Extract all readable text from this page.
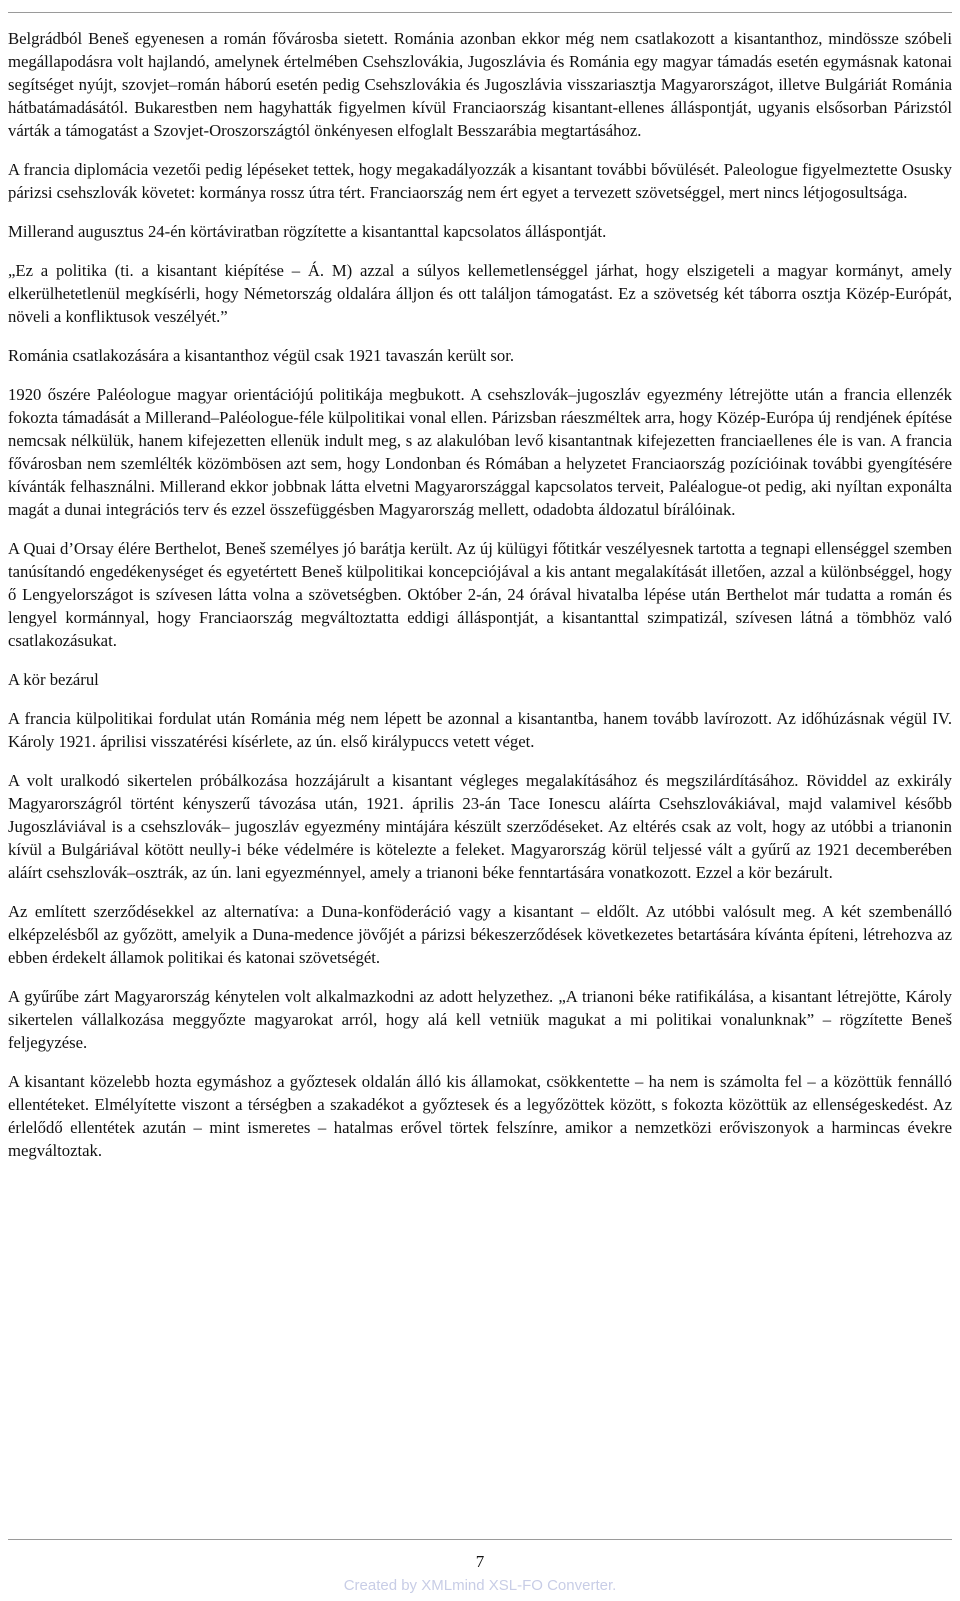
Belgrádból Beneš egyenesen a román fővárosba sietett. Románia azonban ekkor még nem csatlakozott a kisantanthoz, mindössze szóbeli megállapodásra volt hajlandó, amelynek értelmében Csehszlovákia, Jugoszlávia és Románia egy magyar támadás esetén egymásnak katonai segítséget nyújt, szovjet–román háború esetén pedig Csehszlovákia és Jugoszlávia visszariasztja Magyarországot, illetve Bulgáriát Románia hátbatámadásától. Bukarestben nem hagyhatták figyelmen kívül Franciaország kisantant-ellenes álláspontját, ugyanis elsősorban Párizstól várták a támogatást a Szovjet-Oroszországtól önkényesen elfoglalt Besszarábia megtartásához.

A francia diplomácia vezetői pedig lépéseket tettek, hogy megakadályozzák a kisantant további bővülését. Paleologue figyelmeztette Osusky párizsi csehszlovák követet: kormánya rossz útra tért. Franciaország nem ért egyet a tervezett szövetséggel, mert nincs létjogosultsága.

Millerand augusztus 24-én körtáviratban rögzítette a kisantanttal kapcsolatos álláspontját.

„Ez a politika (ti. a kisantant kiépítése – Á. M) azzal a súlyos kellemetlenséggel járhat, hogy elszigeteli a magyar kormányt, amely elkerülhetetlenül megkísérli, hogy Németország oldalára álljon és ott találjon támogatást. Ez a szövetség két táborra osztja Közép-Európát, növeli a konfliktusok veszélyét.”

Románia csatlakozására a kisantanthoz végül csak 1921 tavaszán került sor.

1920 őszére Paléologue magyar orientációjú politikája megbukott. A csehszlovák–jugoszláv egyezmény létrejötte után a francia ellenzék fokozta támadását a Millerand–Paléologue-féle külpolitikai vonal ellen. Párizsban ráeszméltek arra, hogy Közép-Európa új rendjének építése nemcsak nélkülük, hanem kifejezetten ellenük indult meg, s az alakulóban levő kisantantnak kifejezetten franciaellenes éle is van. A francia fővárosban nem szemlélték közömbösen azt sem, hogy Londonban és Rómában a helyzetet Franciaország pozícióinak további gyengítésére kívánták felhasználni. Millerand ekkor jobbnak látta elvetni Magyarországgal kapcsolatos terveit, Paléalogue-ot pedig, aki nyíltan exponálta magát a dunai integrációs terv és ezzel összefüggésben Magyarország mellett, odadobta áldozatul bírálóinak.

A Quai d’Orsay élére Berthelot, Beneš személyes jó barátja került. Az új külügyi főtitkár veszélyesnek tartotta a tegnapi ellenséggel szemben tanúsítandó engedékenységet és egyetértett Beneš külpolitikai koncepciójával a kis antant megalakítását illetően, azzal a különbséggel, hogy ő Lengyelországot is szívesen látta volna a szövetségben. Október 2-án, 24 órával hivatalba lépése után Berthelot már tudatta a román és lengyel kormánnyal, hogy Franciaország megváltoztatta eddigi álláspontját, a kisantanttal szimpatizál, szívesen látná a tömbhöz való csatlakozásukat.

A kör bezárul

A francia külpolitikai fordulat után Románia még nem lépett be azonnal a kisantantba, hanem tovább lavírozott. Az időhúzásnak végül IV. Károly 1921. áprilisi visszatérési kísérlete, az ún. első királypuccs vetett véget.

A volt uralkodó sikertelen próbálkozása hozzájárult a kisantant végleges megalakításához és megszilárdításához. Röviddel az exkirály Magyarországról történt kényszerű távozása után, 1921. április 23-án Tace Ionescu aláírta Csehszlovákiával, majd valamivel később Jugoszláviával is a csehszlovák– jugoszláv egyezmény mintájára készült szerződéseket. Az eltérés csak az volt, hogy az utóbbi a trianonin kívül a Bulgáriával kötött neully-i béke védelmére is kötelezte a feleket. Magyarország körül teljessé vált a gyűrű az 1921 decemberében aláírt csehszlovák–osztrák, az ún. lani egyezménnyel, amely a trianoni béke fenntartására vonatkozott. Ezzel a kör bezárult.

Az említett szerződésekkel az alternatíva: a Duna-konföderáció vagy a kisantant – eldőlt. Az utóbbi valósult meg. A két szembenálló elképzelésből az győzött, amelyik a Duna-medence jövőjét a párizsi békeszerződések következetes betartására kívánta építeni, létrehozva az ebben érdekelt államok politikai és katonai szövetségét.

A gyűrűbe zárt Magyarország kénytelen volt alkalmazkodni az adott helyzethez. „A trianoni béke ratifikálása, a kisantant létrejötte, Károly sikertelen vállalkozása meggyőzte magyarokat arról, hogy alá kell vetniük magukat a mi politikai vonalunknak” – rögzítette Beneš feljegyzése.

A kisantant közelebb hozta egymáshoz a győztesek oldalán álló kis államokat, csökkentette – ha nem is számolta fel – a közöttük fennálló ellentéteket. Elmélyítette viszont a térségben a szakadékot a győztesek és a legyőzöttek között, s fokozta közöttük az ellenségeskedést. Az érlelődő ellentétek azután – mint ismeretes – hatalmas erővel törtek felszínre, amikor a nemzetközi erőviszonyok a harmincas évekre megváltoztak.

7
Created by XMLmind XSL-FO Converter.
